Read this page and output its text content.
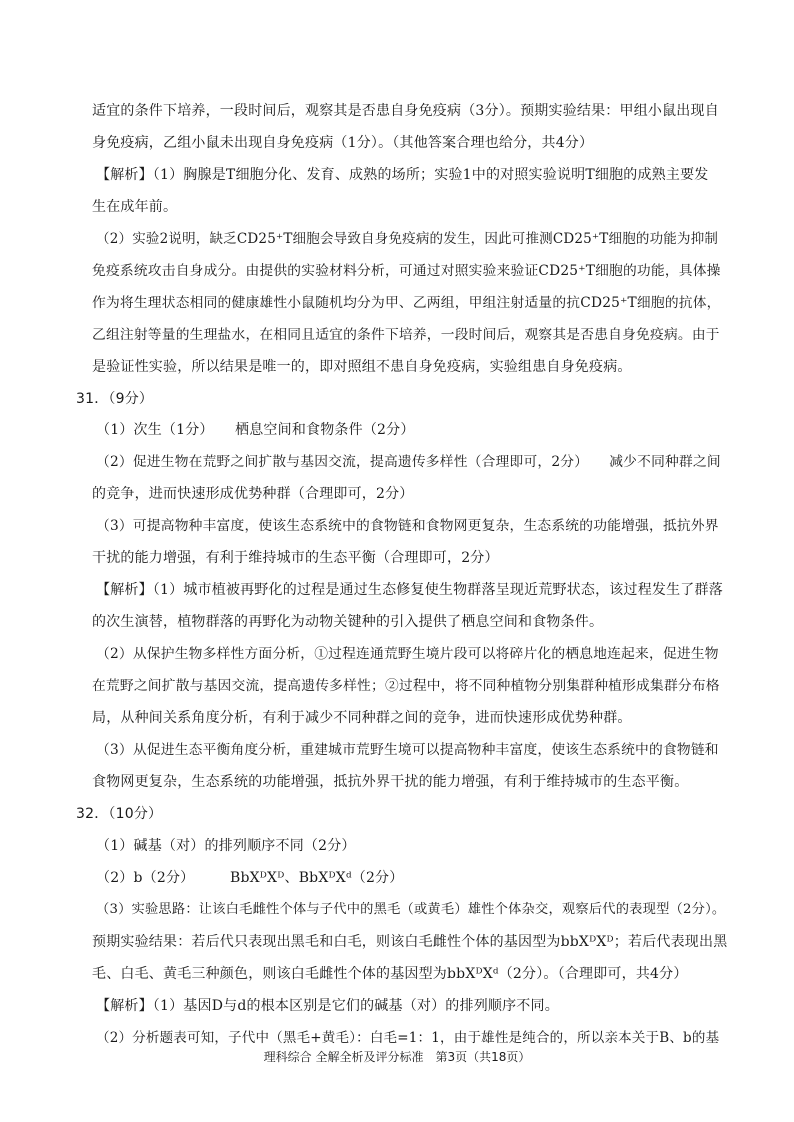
适宜的条件下培养，一段时间后，观察其是否患自身免疫病（3分）。预期实验结果：甲组小鼠出现自
身免疫病，乙组小鼠未出现自身免疫病（1分）。（其他答案合理也给分，共4分）
【解析】（1）胸腺是T细胞分化、发育、成熟的场所；实验1中的对照实验说明T细胞的成熟主要发
生在成年前。
（2）实验2说明，缺乏CD25⁺T细胞会导致自身免疫病的发生，因此可推测CD25⁺T细胞的功能为抑制
免疫系统攻击自身成分。由提供的实验材料分析，可通过对照实验来验证CD25⁺T细胞的功能，具体操
作为将生理状态相同的健康雄性小鼠随机均分为甲、乙两组，甲组注射适量的抗CD25⁺T细胞的抗体，
乙组注射等量的生理盐水，在相同且适宜的条件下培养，一段时间后，观察其是否患自身免疫病。由于
是验证性实验，所以结果是唯一的，即对照组不患自身免疫病，实验组患自身免疫病。
31．（9分）
（1）次生（1分）　　栖息空间和食物条件（2分）
（2）促进生物在荒野之间扩散与基因交流，提高遗传多样性（合理即可，2分）　　减少不同种群之间
的竞争，进而快速形成优势种群（合理即可，2分）
（3）可提高物种丰富度，使该生态系统中的食物链和食物网更复杂，生态系统的功能增强，抵抗外界
干扰的能力增强，有利于维持城市的生态平衡（合理即可，2分）
【解析】（1）城市植被再野化的过程是通过生态修复使生物群落呈现近荒野状态，该过程发生了群落
的次生演替，植物群落的再野化为动物关键种的引入提供了栖息空间和食物条件。
（2）从保护生物多样性方面分析，①过程连通荒野生境片段可以将碎片化的栖息地连起来，促进生物
在荒野之间扩散与基因交流，提高遗传多样性；②过程中，将不同种植物分别集群种植形成集群分布格
局，从种间关系角度分析，有利于减少不同种群之间的竞争，进而快速形成优势种群。
（3）从促进生态平衡角度分析，重建城市荒野生境可以提高物种丰富度，使该生态系统中的食物链和
食物网更复杂，生态系统的功能增强，抵抗外界干扰的能力增强，有利于维持城市的生态平衡。
32．（10分）
（1）碱基（对）的排列顺序不同（2分）
（2）b（2分）　　　BbXᴰXᴰ、BbXᴰXᵈ（2分）
（3）实验思路：让该白毛雌性个体与子代中的黑毛（或黄毛）雄性个体杂交，观察后代的表现型（2分）。
预期实验结果：若后代只表现出黑毛和白毛，则该白毛雌性个体的基因型为bbXᴰXᴰ；若后代表现出黑
毛、白毛、黄毛三种颜色，则该白毛雌性个体的基因型为bbXᴰXᵈ（2分）。（合理即可，共4分）
【解析】（1）基因D与d的根本区别是它们的碱基（对）的排列顺序不同。
（2）分析题表可知，子代中（黑毛+黄毛）：白毛=1：1，由于雄性是纯合的，所以亲本关于B、b的基
理科综合 全解全析及评分标准　第3页（共18页）
